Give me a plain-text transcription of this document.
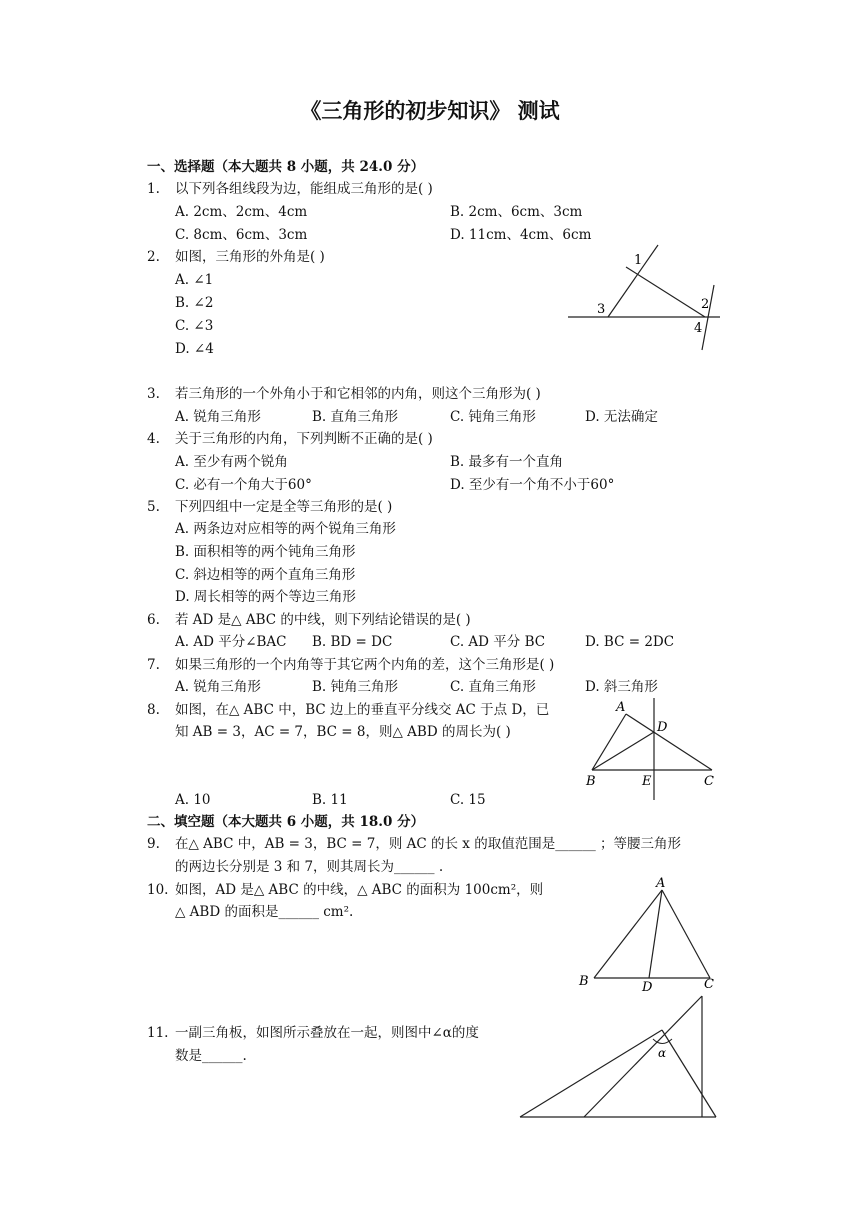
《三角形的初步知识》 测试
一、选择题（本大题共 8 小题，共 24.0 分）
1. 以下列各组线段为边，能组成三角形的是( )
A. 2cm、2cm、4cm	B. 2cm、6cm、3cm
C. 8cm、6cm、3cm	D. 11cm、4cm、6cm
2. 如图，三角形的外角是( )
A. ∠1
B. ∠2
C. ∠3
D. ∠4
1
2
3
4
3. 若三角形的一个外角小于和它相邻的内角，则这个三角形为( )
A. 锐角三角形	B. 直角三角形	C. 钝角三角形	D. 无法确定
4. 关于三角形的内角，下列判断不正确的是( )
A. 至少有两个锐角	B. 最多有一个直角
C. 必有一个角大于60°	D. 至少有一个角不小于60°
5. 下列四组中一定是全等三角形的是( )
A. 两条边对应相等的两个锐角三角形
B. 面积相等的两个钝角三角形
C. 斜边相等的两个直角三角形
D. 周长相等的两个等边三角形
6. 若 AD 是△ ABC 的中线，则下列结论错误的是( )
A. AD 平分∠BAC B. BD = DC	C. AD 平分 BC	D. BC = 2DC
7. 如果三角形的一个内角等于其它两个内角的差，这个三角形是( )
A. 锐角三角形	B. 钝角三角形	C. 直角三角形	D. 斜三角形
8. 如图，在△ ABC 中，BC 边上的垂直平分线交 AC 于点 D，已
知 AB = 3，AC = 7，BC = 8，则△ ABD 的周长为( )
A. 10	B. 11	C. 15
A
D
B	E	C
二、填空题（本大题共 6 小题，共 18.0 分）
9. 在△ ABC 中，AB = 3，BC = 7，则 AC 的长 x 的取值范围是______ ；等腰三角形
的两边长分别是 3 和 7，则其周长为______ .
10. 如图，AD 是△ ABC 的中线，△ ABC 的面积为 100cm²，则
△ ABD 的面积是______ cm².
A
B	D	C
11. 一副三角板，如图所示叠放在一起，则图中∠α的度
数是______.	α
